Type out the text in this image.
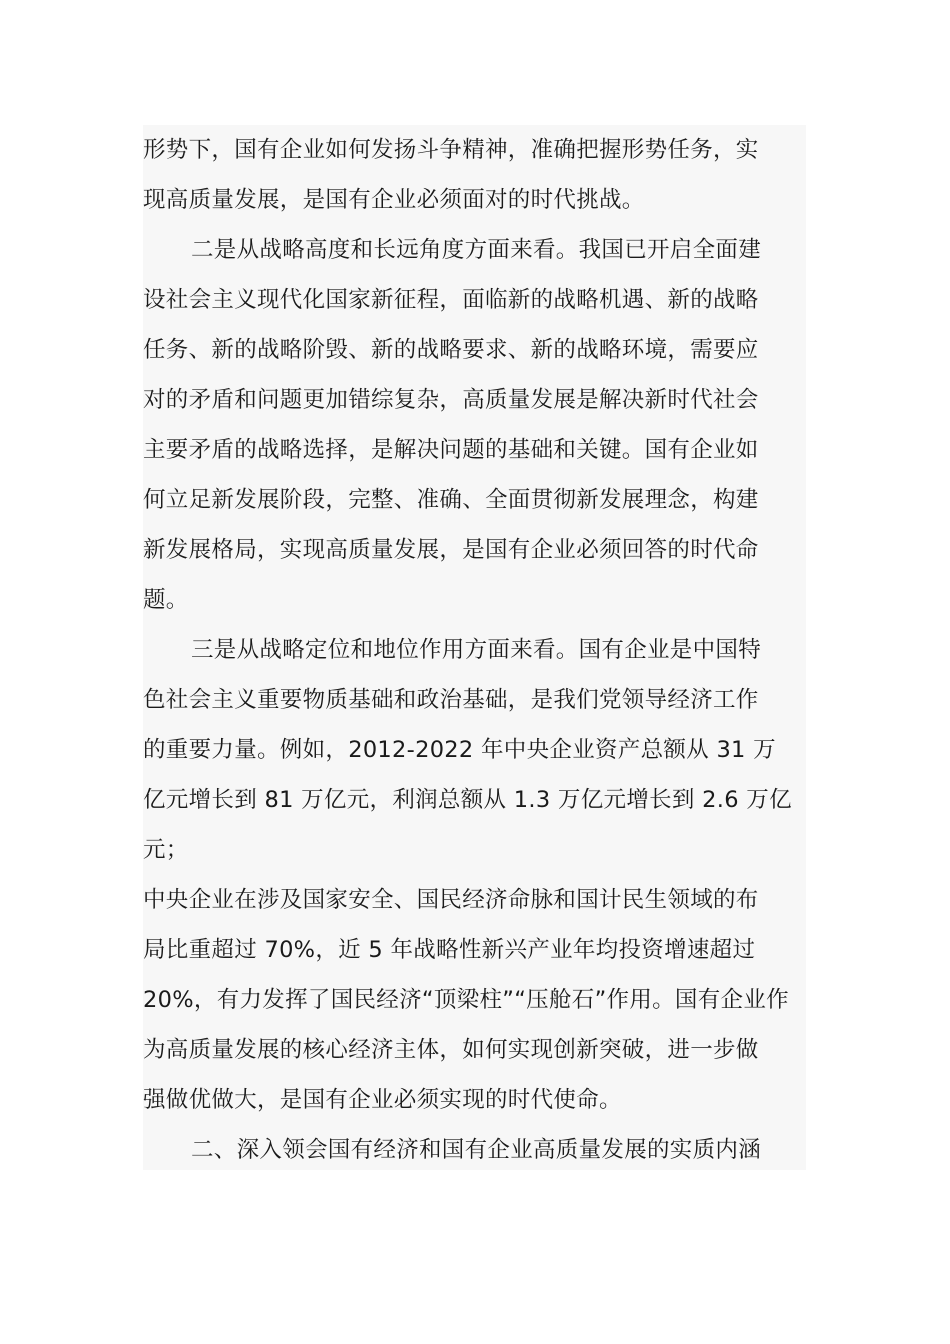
形势下，国有企业如何发扬斗争精神，准确把握形势任务，实
现高质量发展，是国有企业必须面对的时代挑战。
二是从战略高度和长远角度方面来看。我国已开启全面建
设社会主义现代化国家新征程，面临新的战略机遇、新的战略
任务、新的战略阶毁、新的战略要求、新的战略环境，需要应
对的矛盾和问题更加错综复杂，高质量发展是解决新时代社会
主要矛盾的战略选择，是解决问题的基础和关键。国有企业如
何立足新发展阶段，完整、准确、全面贯彻新发展理念，构建
新发展格局，实现高质量发展，是国有企业必须回答的时代命
题。
三是从战略定位和地位作用方面来看。国有企业是中国特
色社会主义重要物质基础和政治基础，是我们党领导经济工作
的重要力量。例如，2012-2022 年中央企业资产总额从 31 万
亿元增长到 81 万亿元，利润总额从 1.3 万亿元增长到 2.6 万亿
元；
中央企业在涉及国家安全、国民经济命脉和国计民生领域的布
局比重超过 70%，近 5 年战略性新兴产业年均投资增速超过
20%，有力发挥了国民经济“顶梁柱”“压舱石”作用。国有企业作
为高质量发展的核心经济主体，如何实现创新突破，进一步做
强做优做大，是国有企业必须实现的时代使命。
二、深入领会国有经济和国有企业高质量发展的实质内涵
